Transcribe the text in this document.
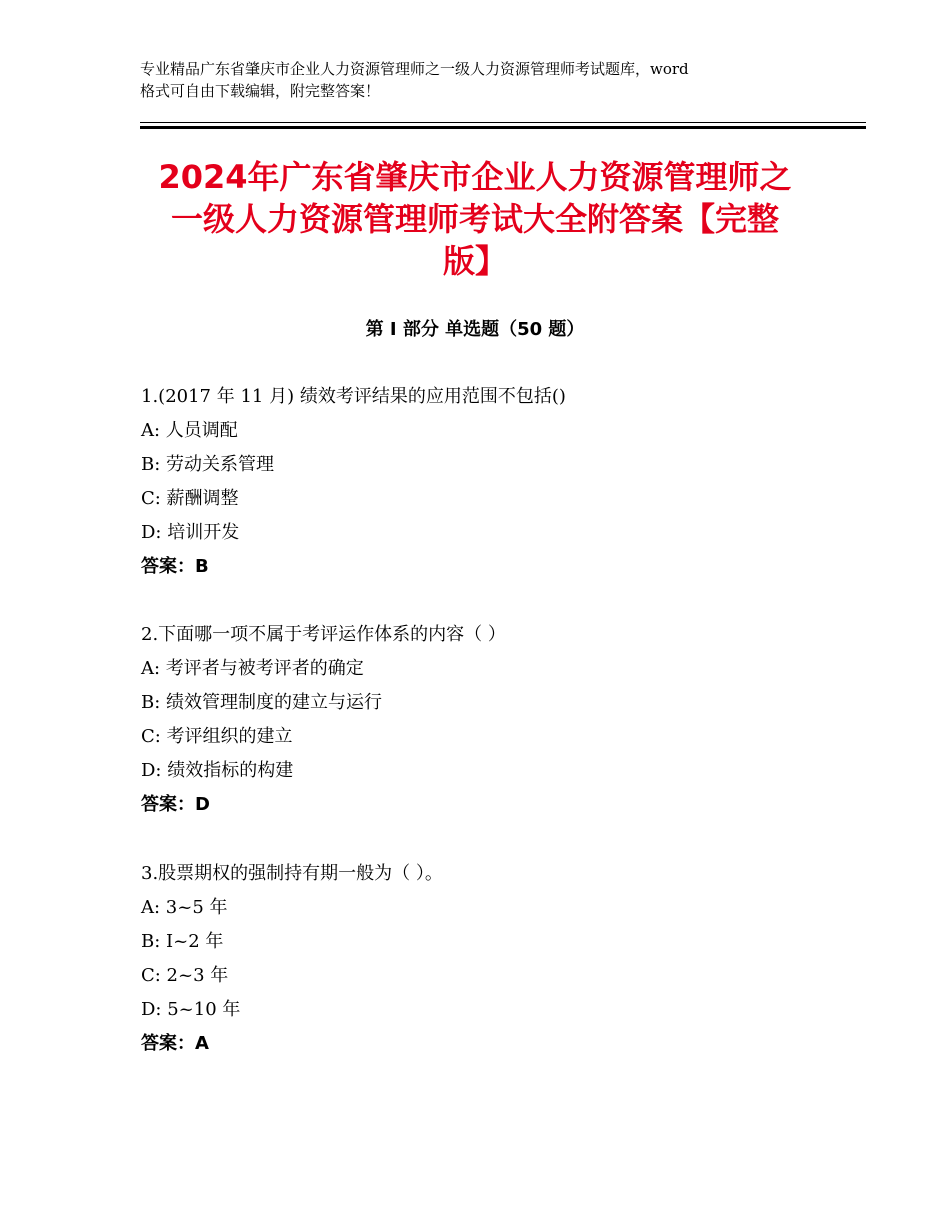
专业精品广东省肇庆市企业人力资源管理师之一级人力资源管理师考试题库，word
格式可自由下载编辑，附完整答案！
2024年广东省肇庆市企业人力资源管理师之
一级人力资源管理师考试大全附答案【完整
版】
第 I 部分 单选题（50 题）
1.(2017 年 11 月) 绩效考评结果的应用范围不包括()
A: 人员调配
B: 劳动关系管理
C: 薪酬调整
D: 培训开发
答案：B
2.下面哪一项不属于考评运作体系的内容（ ）
A: 考评者与被考评者的确定
B: 绩效管理制度的建立与运行
C: 考评组织的建立
D: 绩效指标的构建
答案：D
3.股票期权的强制持有期一般为（ ）。
A: 3~5 年
B: I~2 年
C: 2~3 年
D: 5~10 年
答案：A
